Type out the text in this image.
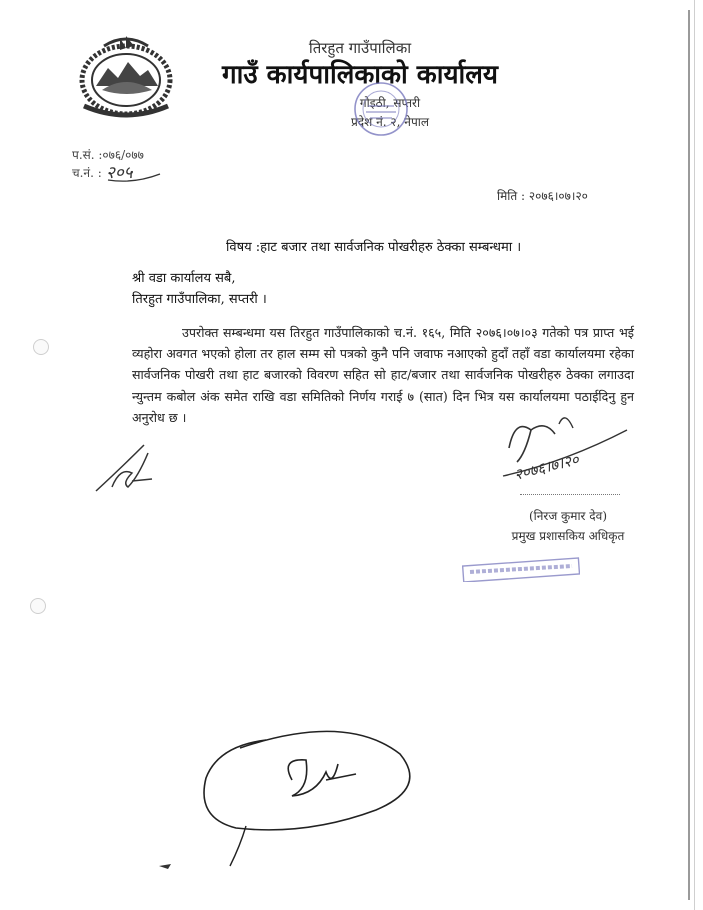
तिरहुत गाउँपालिका
गाउँ कार्यपालिकाको कार्यालय
गोइठी, सप्तरी
प्रदेश नं. २, नेपाल
प.सं. :०७६/०७७
च.नं. : २०५
मिति : २०७६।०७।२०
विषय :हाट बजार तथा सार्वजनिक पोखरीहरु ठेक्का सम्बन्धमा ।
श्री वडा कार्यालय सबै,
तिरहुत गाउँपालिका, सप्तरी ।
उपरोक्त सम्बन्धमा यस तिरहुत गाउँपालिकाको च.नं. १६५, मिति २०७६।०७।०३ गतेको पत्र प्राप्त भई व्यहोरा अवगत भएको होला तर हाल सम्म सो पत्रको कुनै पनि जवाफ नआएको हुदाँ तहाँ वडा कार्यालयमा रहेका सार्वजनिक पोखरी तथा हाट बजारको विवरण सहित सो हाट/बजार तथा सार्वजनिक पोखरीहरु ठेक्का लगाउदा न्युन्तम कबोल अंक समेत राखि वडा समितिको निर्णय गराई ७ (सात) दिन भित्र यस कार्यालयमा पठाईदिनु हुन अनुरोध छ ।
२०७६।७।२०
(निरज कुमार देव)
प्रमुख प्रशासकिय अधिकृत
